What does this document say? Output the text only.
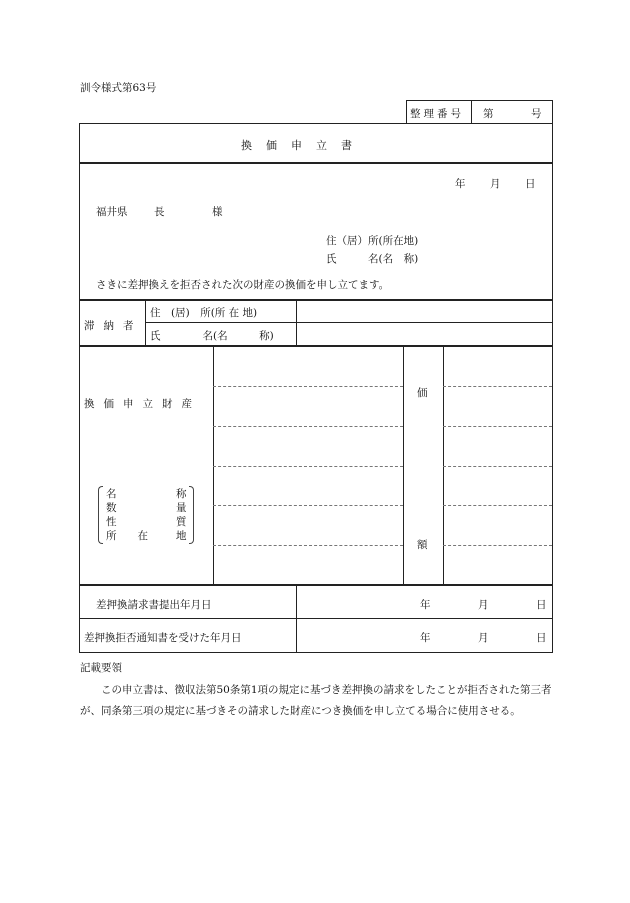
訓令様式第63号
整理番号 第	号
換価申立書
年 月 日
福井県	長	様
住（居）所(所在地)
氏　　　名(名　称)
さきに差押換えを拒否された次の財産の換価を申し立てます。
滞納者
住　(居)　所(所 在 地)
氏　　　　名(名　　　称)
換価申立財産
価
額
名	称
数	量
性	質
所　　在	地
差押換請求書提出年月日	年	月	日
差押換拒否通知書を受けた年月日	年	月	日
記載要領
この申立書は、徴収法第50条第1項の規定に基づき差押換の請求をしたことが拒否された第三者が、同条第三項の規定に基づきその請求した財産につき換価を申し立てる場合に使用させる。
